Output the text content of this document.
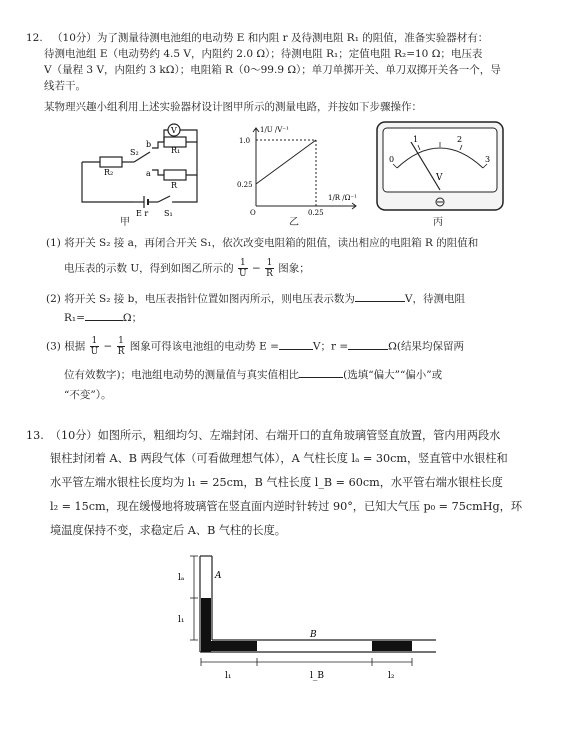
12. （10分）为了测量待测电池组的电动势 E 和内阻 r 及待测电阻 R₁ 的阻值，准备实验器材有：
待测电池组 E（电动势约 4.5 V，内阻约 2.0 Ω）；待测电阻 R₁；定值电阻 R₂=10 Ω；电压表
V（量程 3 V，内阻约 3 kΩ）；电阻箱 R（0～99.9 Ω）；单刀单掷开关、单刀双掷开关各一个，导
线若干。
某物理兴趣小组利用上述实验器材设计图甲所示的测量电路，并按如下步骤操作：
V
b
a
S₂	R₁
R₂
R
E r S₁
甲
1/U /V⁻¹
1.0
0.25
O	0.25
1/R /Ω⁻¹
乙
0
1	2
3
V
丙
(1) 将开关 S₂ 接 a，再闭合开关 S₁，依次改变电阻箱的阻值，读出相应的电阻箱 R 的阻值和
电压表的示数 U，得到如图乙所示的 $\frac{1}{U} - \frac{1}{R}$ 图象；
(2) 将开关 S₂ 接 b，电压表指针位置如图丙所示，则电压表示数为	V，待测电阻
R₁=	Ω；
(3) 根据 $\frac{1}{U} - \frac{1}{R}$ 图象可得该电池组的电动势 E =	V；r =	Ω(结果均保留两
位有效数字)；电池组电动势的测量值与真实值相比	(选填“偏大”“偏小”或
“不变”）。
13. （10分）如图所示，粗细均匀、左端封闭、右端开口的直角玻璃管竖直放置，管内用两段水
银柱封闭着 A、B 两段气体（可看做理想气体），A 气柱长度 lₐ = 30cm，竖直管中水银柱和
水平管左端水银柱长度均为 l₁ = 25cm，B 气柱长度 l_B = 60cm，水平管右端水银柱长度
l₂ = 15cm，现在缓慢地将玻璃管在竖直面内逆时针转过 90°，已知大气压 p₀ = 75cmHg，环
境温度保持不变，求稳定后 A、B 气柱的长度。
lₐ	A
l₁
B
l₁	l_B	l₂
